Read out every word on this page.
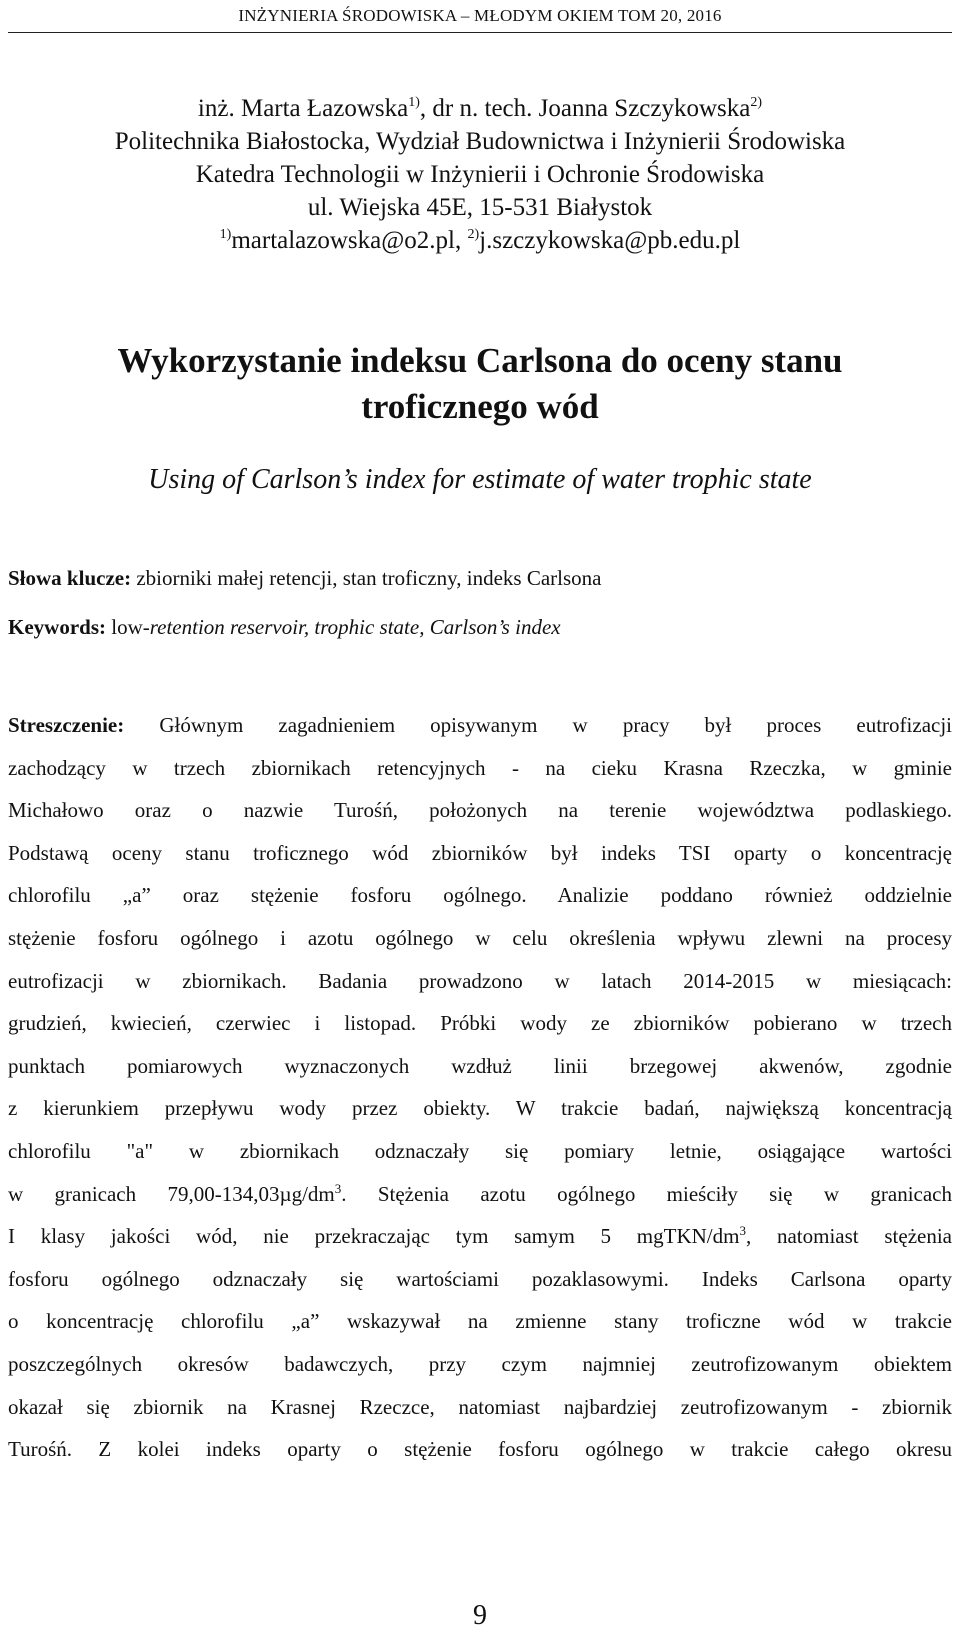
INŻYNIERIA ŚRODOWISKA – MŁODYM OKIEM TOM 20, 2016
inż. Marta Łazowska$^{1)}$, dr n. tech. Joanna Szczykowska$^{2)}$
Politechnika Białostocka, Wydział Budownictwa i Inżynierii Środowiska
Katedra Technologii w Inżynierii i Ochronie Środowiska
ul. Wiejska 45E, 15-531 Białystok
$^{1)}$martalazowska@o2.pl, $^{2)}$j.szczykowska@pb.edu.pl
Wykorzystanie indeksu Carlsona do oceny stanu troficznego wód
Using of Carlson’s index for estimate of water trophic state
Słowa klucze: zbiorniki małej retencji, stan troficzny, indeks Carlsona
Keywords: low-retention reservoir, trophic state, Carlson’s index
Streszczenie: Głównym zagadnieniem opisywanym w pracy był proces eutrofizacji
zachodzący w trzech zbiornikach retencyjnych - na cieku Krasna Rzeczka, w gminie
Michałowo oraz o nazwie Turośń, położonych na terenie województwa podlaskiego.
Podstawą oceny stanu troficznego wód zbiorników był indeks TSI oparty o koncentrację
chlorofilu „a” oraz stężenie fosforu ogólnego. Analizie poddano również oddzielnie
stężenie fosforu ogólnego i azotu ogólnego w celu określenia wpływu zlewni na procesy
eutrofizacji w zbiornikach. Badania prowadzono w latach 2014-2015 w miesiącach:
grudzień, kwiecień, czerwiec i listopad. Próbki wody ze zbiorników pobierano w trzech
punktach pomiarowych wyznaczonych wzdłuż linii brzegowej akwenów, zgodnie
z kierunkiem przepływu wody przez obiekty. W trakcie badań, największą koncentracją
chlorofilu "a" w zbiornikach odznaczały się pomiary letnie, osiągające wartości
w granicach $79,00-134,03\mu g/dm^3$. Stężenia azotu ogólnego mieściły się w granicach
I klasy jakości wód, nie przekraczając tym samym 5 mgTKN/$dm^3$, natomiast stężenia
fosforu ogólnego odznaczały się wartościami pozaklasowymi. Indeks Carlsona oparty
o koncentrację chlorofilu „a” wskazywał na zmienne stany troficzne wód w trakcie
poszczególnych okresów badawczych, przy czym najmniej zeutrofizowanym obiektem
okazał się zbiornik na Krasnej Rzeczce, natomiast najbardziej zeutrofizowanym - zbiornik
Turośń. Z kolei indeks oparty o stężenie fosforu ogólnego w trakcie całego okresu
9
